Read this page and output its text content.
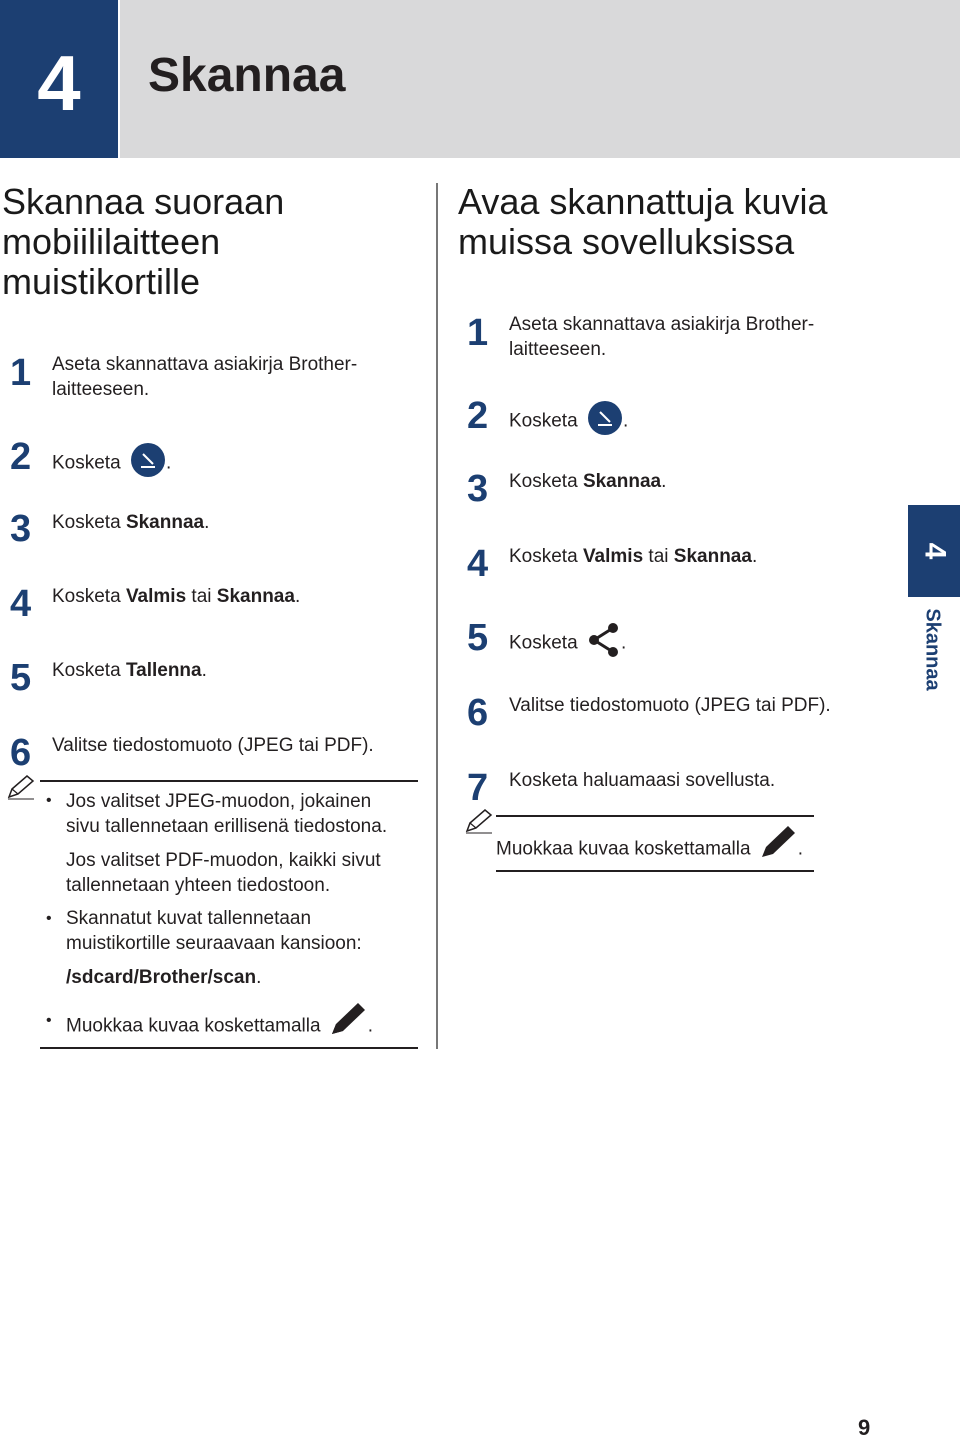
4	Skannaa
Skannaa suoraan
mobiililaitteen
muistikortille
1 Aseta skannattava asiakirja Brother-
laitteeseen.
2 Kosketa .
3 Kosketa Skannaa.
4 Kosketa Valmis tai Skannaa.
5 Kosketa Tallenna.
6 Valitse tiedostomuoto (JPEG tai PDF).
• Jos valitset JPEG-muodon, jokainen
sivu tallennetaan erillisenä tiedostona.
Jos valitset PDF-muodon, kaikki sivut
tallennetaan yhteen tiedostoon.
• Skannatut kuvat tallennetaan
muistikortille seuraavaan kansioon:
/sdcard/Brother/scan.
• Muokkaa kuvaa koskettamalla .
Avaa skannattuja kuvia
muissa sovelluksissa
1 Aseta skannattava asiakirja Brother-
laitteeseen.
2 Kosketa .
3 Kosketa Skannaa.
4 Kosketa Valmis tai Skannaa.
5 Kosketa .
6 Valitse tiedostomuoto (JPEG tai PDF).
7 Kosketa haluamaasi sovellusta.
Muokkaa kuvaa koskettamalla .
4
Skannaa
9
